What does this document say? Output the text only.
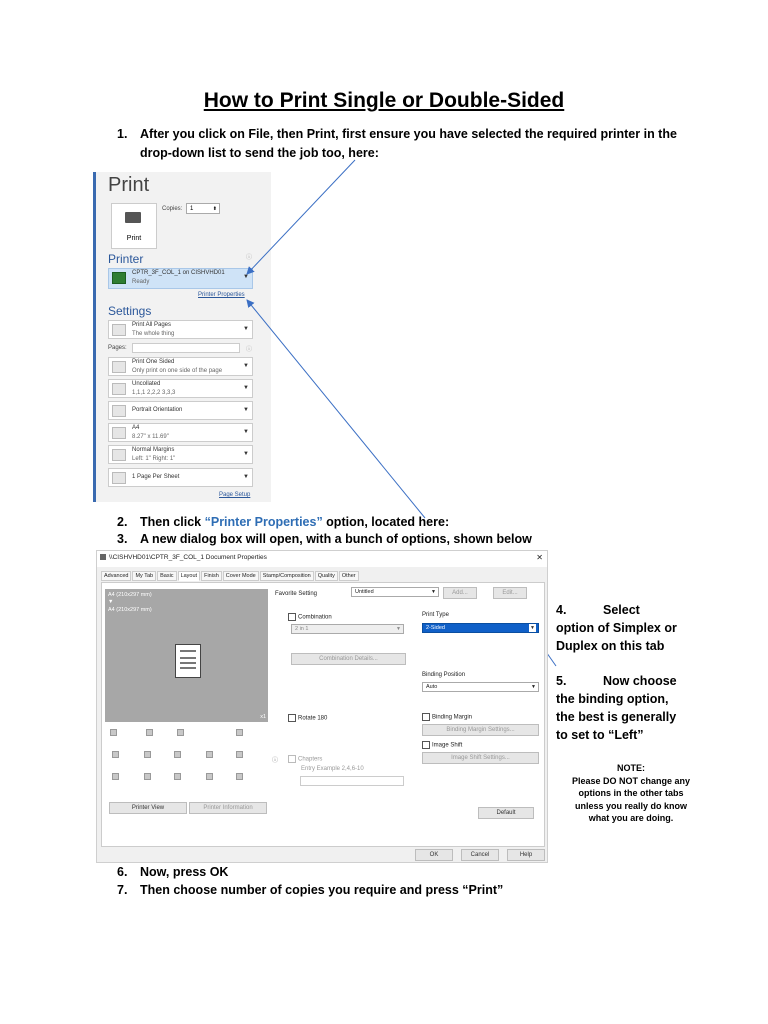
How to Print Single or Double-Sided
1. After you click on File, then Print, first ensure you have selected the required printer in the
drop-down list to send the job too, here:
Print
Print
Copies:	1	⬍
ⓘ
Printer
CPTR_3F_COL_1 on CISHVHD01
Ready
▼
Printer Properties
Settings
Print All Pages
The whole thing
▼
Pages:	ⓘ
Print One Sided
Only print on one side of the page
▼
Uncollated
1,1,1 2,2,2 3,3,3
▼
Portrait Orientation	▼
A4
8.27" x 11.69"
▼
Normal Margins
Left: 1" Right: 1"
▼
1 Page Per Sheet	▼
Page Setup
2. Then click “Printer Properties” option, located here:
3. A new dialog box will open, with a bunch of options, shown below
\\CISHVHD01\CPTR_3F_COL_1 Document Properties	✕
Advanced My Tab Basic Layout Finish Cover Mode Stamp/Composition Quality Other
A4 (210x297 mm)
▼
A4 (210x297 mm)
x1
Printer View	Printer Information
Favorite Setting	Untitled	▼	Add...	Edit...
Combination
2 in 1	▼
Combination Details...
Rotate 180
ⓘ	Chapters
Entry Example 2,4,6-10
Print Type
2-Sided	▼
Binding Position
Auto	▼
Binding Margin
Binding Margin Settings...
Image Shift
Image Shift Settings...
Default
OK	Cancel	Help
4.	Select
option of Simplex or
Duplex on this tab
5.	Now choose
the binding option,
the best is generally
to set to “Left”
NOTE:
Please DO NOT change any
options in the other tabs
unless you really do know
what you are doing.
6. Now, press OK
7. Then choose number of copies you require and press “Print”
